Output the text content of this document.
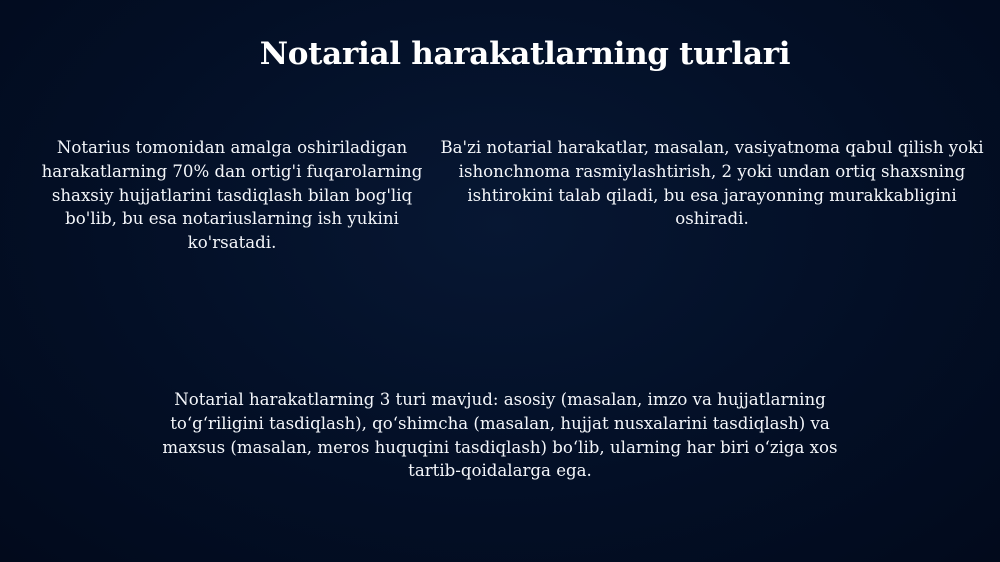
Notarial harakatlarning turlari

Notarius tomonidan amalga oshiriladigan harakatlarning 70% dan ortig'i fuqarolarning shaxsiy hujjatlarini tasdiqlash bilan bog'liq bo'lib, bu esa notariuslarning ish yukini ko'rsatadi.

Ba'zi notarial harakatlar, masalan, vasiyatnoma qabul qilish yoki ishonchnoma rasmiylashtirish, 2 yoki undan ortiq shaxsning ishtirokini talab qiladi, bu esa jarayonning murakkabligini oshiradi.

Notarial harakatlarning 3 turi mavjud: asosiy (masalan, imzo va hujjatlarning to‘g‘riligini tasdiqlash), qo‘shimcha (masalan, hujjat nusxalarini tasdiqlash) va maxsus (masalan, meros huquqini tasdiqlash) bo‘lib, ularning har biri o‘ziga xos tartib-qoidalarga ega.
